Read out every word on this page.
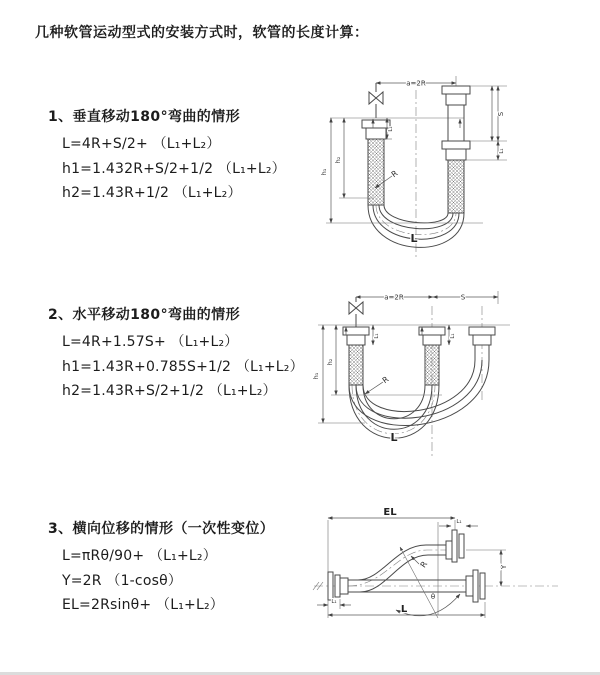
几种软管运动型式的安装方式时，软管的长度计算：
1、垂直移动180°弯曲的情形
L=4R+S/2+ （L₁+L₂）
h1=1.432R+S/2+1/2 （L₁+L₂）
h2=1.43R+1/2 （L₁+L₂）
a=2R
h₁
h₂
S
L₁
L₁
R
L
2、水平移动180°弯曲的情形
L=4R+1.57S+ （L₁+L₂）
h1=1.43R+0.785S+1/2 （L₁+L₂）
h2=1.43R+S/2+1/2 （L₁+L₂）
a=2R	S
h₁
h₂
L₁	L₁
R
L
3、横向位移的情形（一次性变位）
L=πRθ/90+ （L₁+L₂）
Y=2R （1-cosθ）
EL=2Rsinθ+ （L₁+L₂）
EL
L₁
Y
R
θ
L
L₁
